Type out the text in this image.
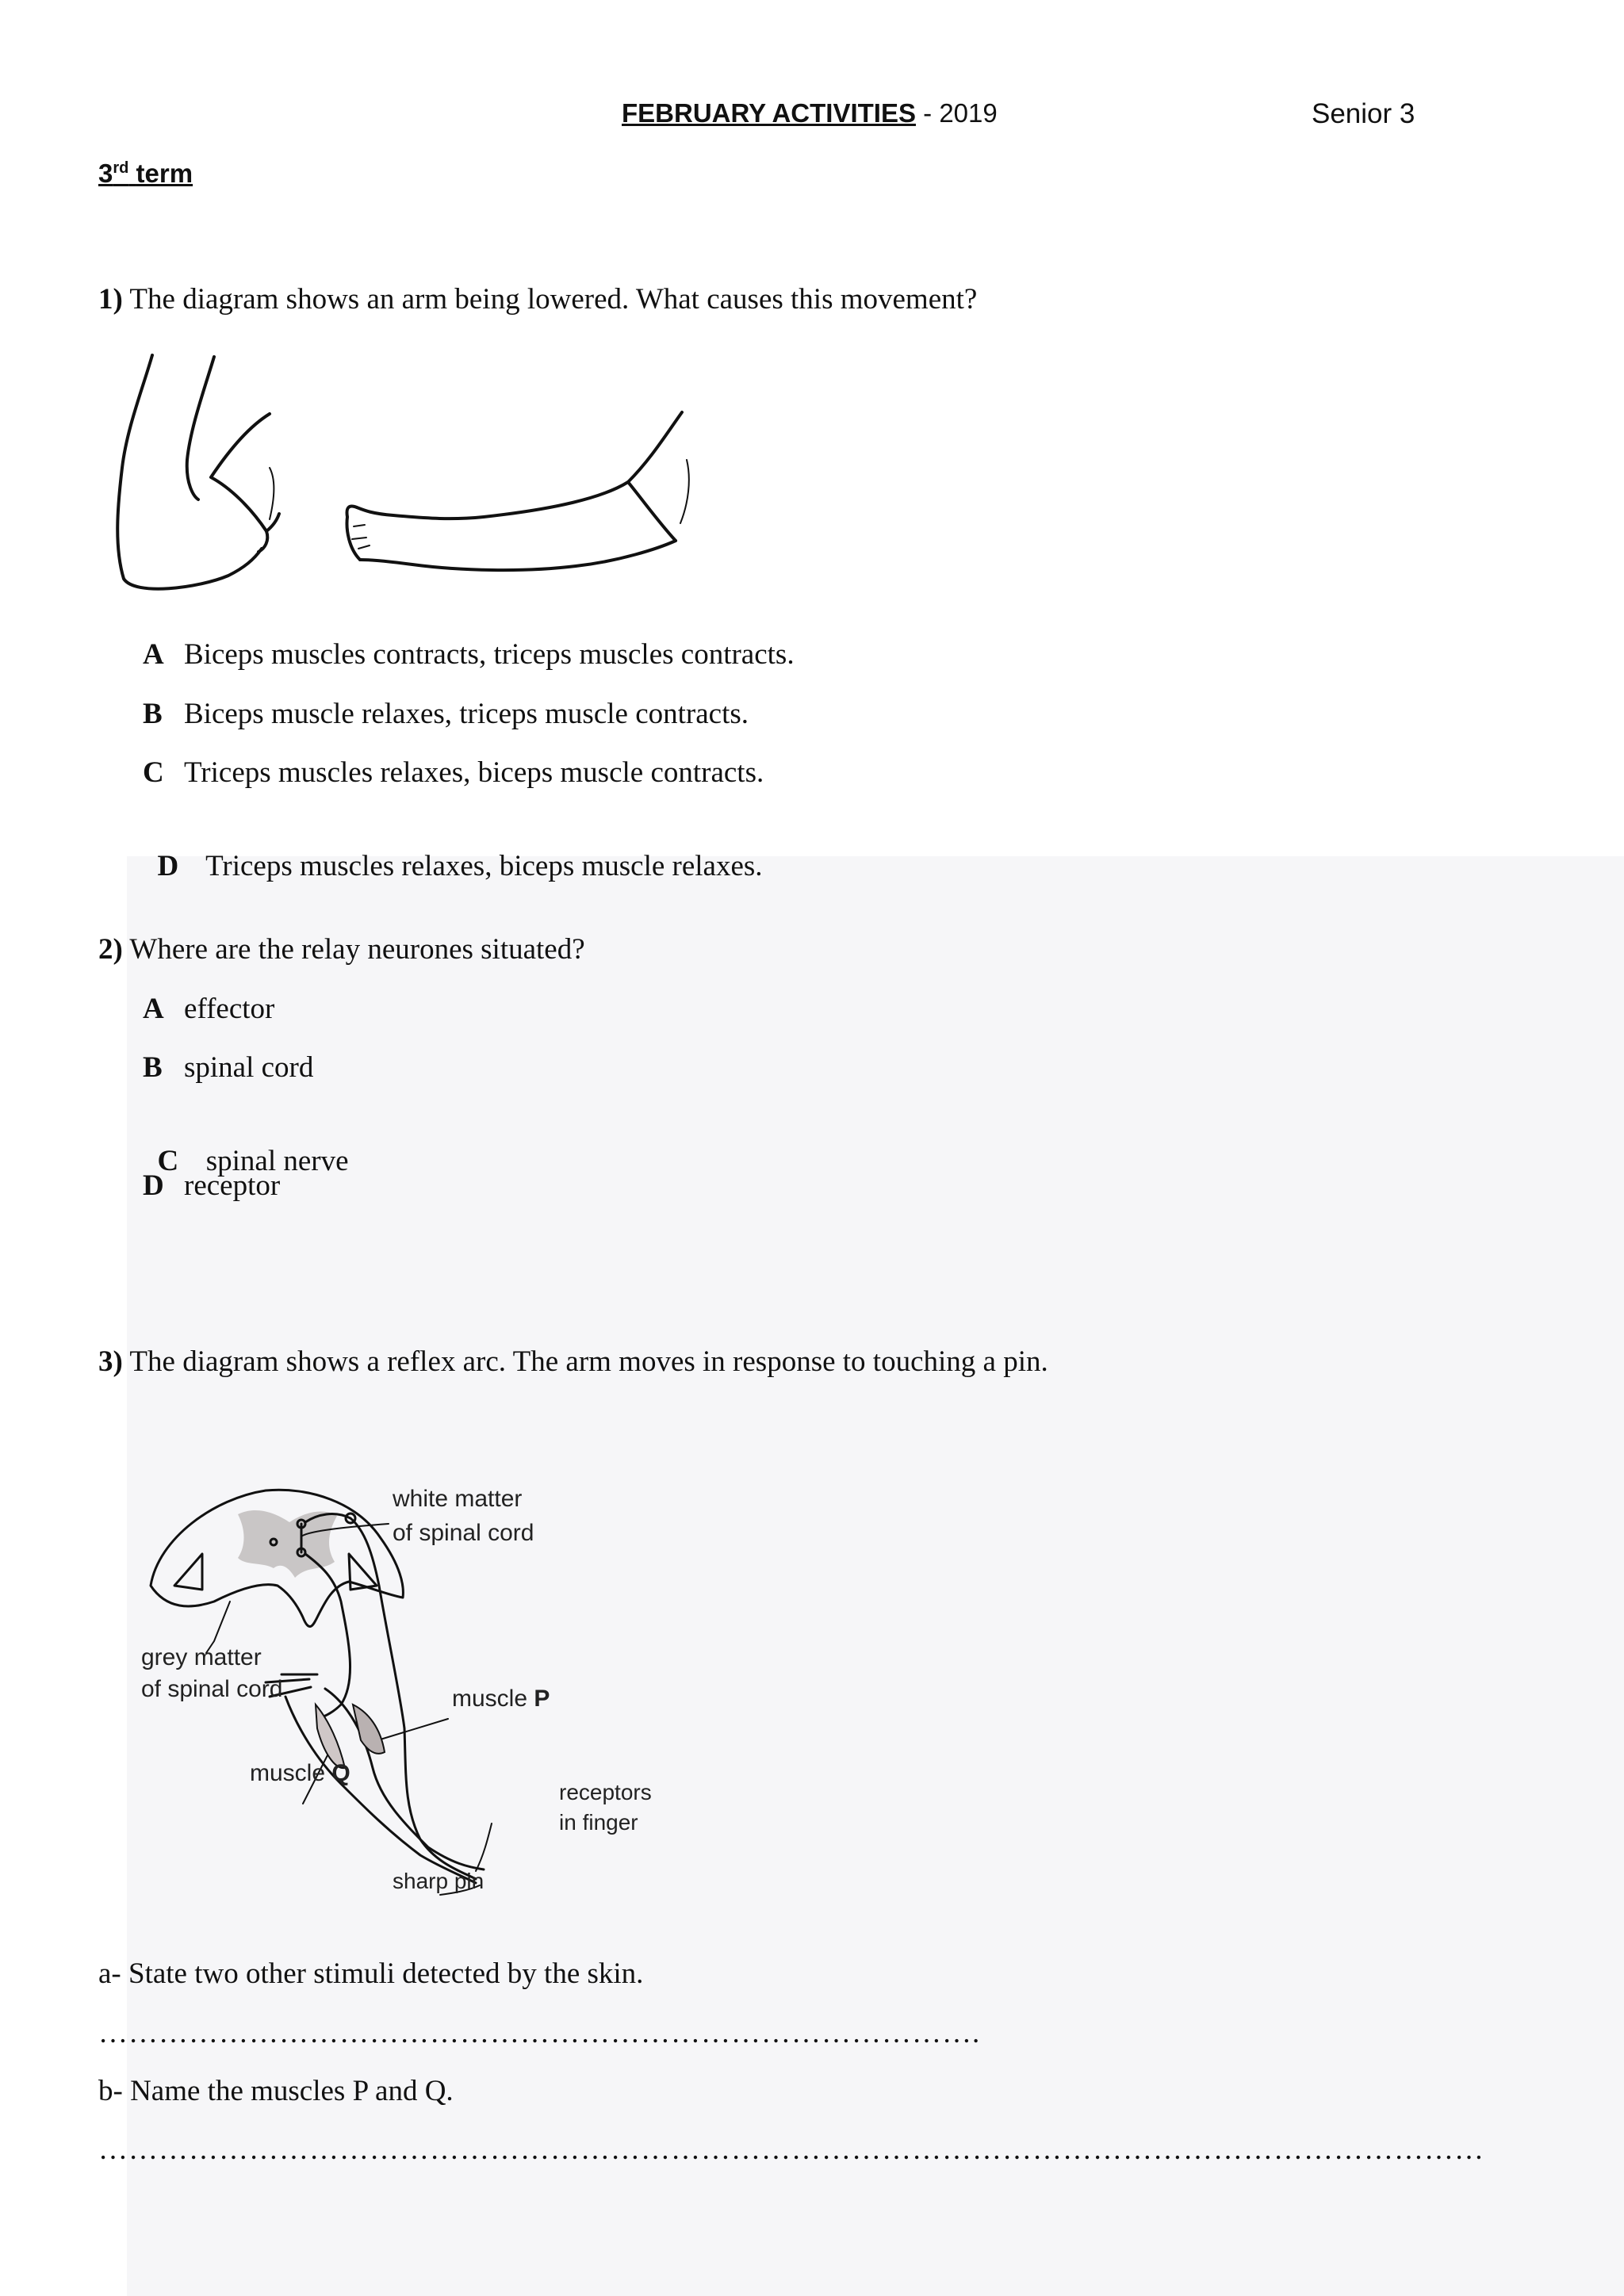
FEBRUARY ACTIVITIES - 2019	Senior 3
3rd term
1) The diagram shows an arm being lowered. What causes this movement?
A Biceps muscles contracts, triceps muscles contracts.
B Biceps muscle relaxes, triceps muscle contracts.
C Triceps muscles relaxes, biceps muscle contracts.

D Triceps muscles relaxes, biceps muscle relaxes.

2) Where are the relay neurones situated?
A effector
B spinal cord

C spinal nerve

D receptor
3) The diagram shows a reflex arc. The arm moves in response to touching a pin.
white matter
of spinal cord
grey matter
of spinal cord	muscle P
muscle Q
receptors
in finger
sharp pin
a- State two other stimuli detected by the skin.
…………………………………………………………………………….
b- Name the muscles P and Q.
…………………………………………………………………………………………………………………………
